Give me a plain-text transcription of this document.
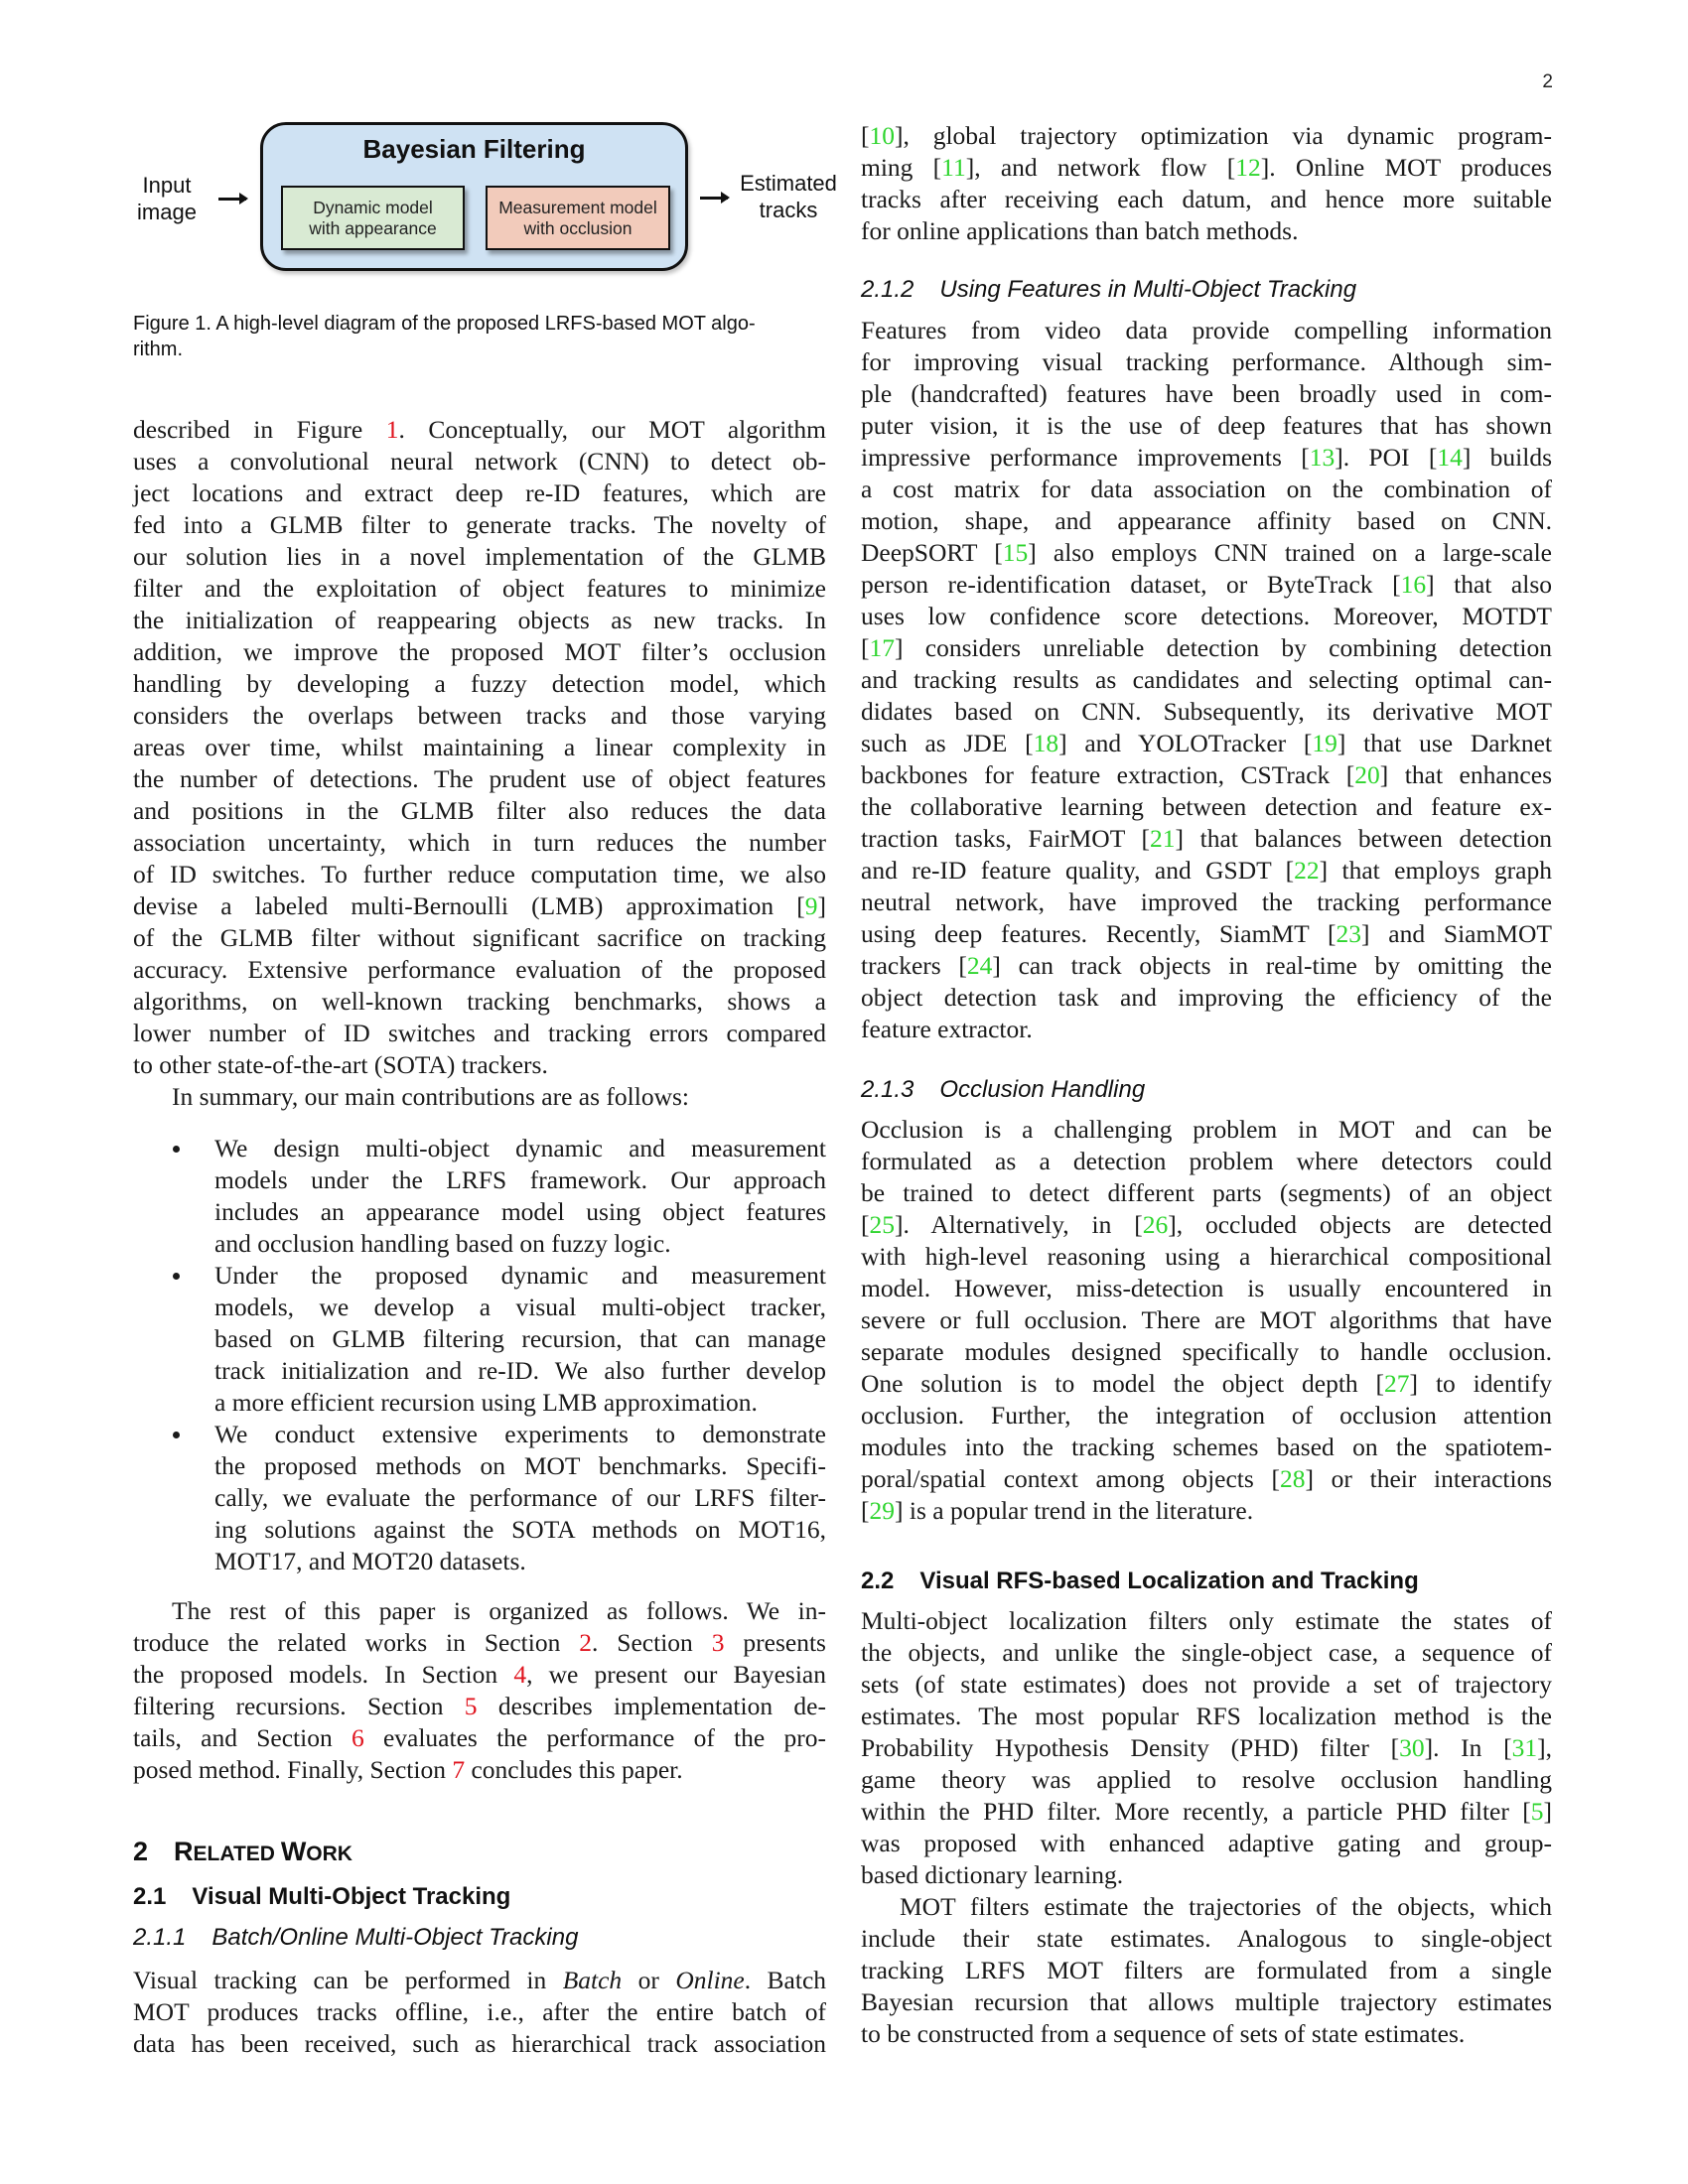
2
Input
image
Bayesian Filtering
Dynamic model
with appearance
Measurement model
with occlusion
Estimated
tracks
Figure 1. A high-level diagram of the proposed LRFS-based MOT algo-
rithm.
described in Figure 1. Conceptually, our MOT algorithm
uses a convolutional neural network (CNN) to detect ob-
ject locations and extract deep re-ID features, which are
fed into a GLMB filter to generate tracks. The novelty of
our solution lies in a novel implementation of the GLMB
filter and the exploitation of object features to minimize
the initialization of reappearing objects as new tracks. In
addition, we improve the proposed MOT filter’s occlusion
handling by developing a fuzzy detection model, which
considers the overlaps between tracks and those varying
areas over time, whilst maintaining a linear complexity in
the number of detections. The prudent use of object features
and positions in the GLMB filter also reduces the data
association uncertainty, which in turn reduces the number
of ID switches. To further reduce computation time, we also
devise a labeled multi-Bernoulli (LMB) approximation [9]
of the GLMB filter without significant sacrifice on tracking
accuracy. Extensive performance evaluation of the proposed
algorithms, on well-known tracking benchmarks, shows a
lower number of ID switches and tracking errors compared
to other state-of-the-art (SOTA) trackers.
In summary, our main contributions are as follows:
We design multi-object dynamic and measurement
models under the LRFS framework. Our approach
includes an appearance model using object features
and occlusion handling based on fuzzy logic.
Under the proposed dynamic and measurement
models, we develop a visual multi-object tracker,
based on GLMB filtering recursion, that can manage
track initialization and re-ID. We also further develop
a more efficient recursion using LMB approximation.
We conduct extensive experiments to demonstrate
the proposed methods on MOT benchmarks. Specifi-
cally, we evaluate the performance of our LRFS filter-
ing solutions against the SOTA methods on MOT16,
MOT17, and MOT20 datasets.
The rest of this paper is organized as follows. We in-
troduce the related works in Section 2. Section 3 presents
the proposed models. In Section 4, we present our Bayesian
filtering recursions. Section 5 describes implementation de-
tails, and Section 6 evaluates the performance of the pro-
posed method. Finally, Section 7 concludes this paper.
2 RELATED WORK
2.1 Visual Multi-Object Tracking
2.1.1 Batch/Online Multi-Object Tracking
Visual tracking can be performed in Batch or Online. Batch
MOT produces tracks offline, i.e., after the entire batch of
data has been received, such as hierarchical track association
[10], global trajectory optimization via dynamic program-
ming [11], and network flow [12]. Online MOT produces
tracks after receiving each datum, and hence more suitable
for online applications than batch methods.
2.1.2 Using Features in Multi-Object Tracking
Features from video data provide compelling information
for improving visual tracking performance. Although sim-
ple (handcrafted) features have been broadly used in com-
puter vision, it is the use of deep features that has shown
impressive performance improvements [13]. POI [14] builds
a cost matrix for data association on the combination of
motion, shape, and appearance affinity based on CNN.
DeepSORT [15] also employs CNN trained on a large-scale
person re-identification dataset, or ByteTrack [16] that also
uses low confidence score detections. Moreover, MOTDT
[17] considers unreliable detection by combining detection
and tracking results as candidates and selecting optimal can-
didates based on CNN. Subsequently, its derivative MOT
such as JDE [18] and YOLOTracker [19] that use Darknet
backbones for feature extraction, CSTrack [20] that enhances
the collaborative learning between detection and feature ex-
traction tasks, FairMOT [21] that balances between detection
and re-ID feature quality, and GSDT [22] that employs graph
neutral network, have improved the tracking performance
using deep features. Recently, SiamMT [23] and SiamMOT
trackers [24] can track objects in real-time by omitting the
object detection task and improving the efficiency of the
feature extractor.
2.1.3 Occlusion Handling
Occlusion is a challenging problem in MOT and can be
formulated as a detection problem where detectors could
be trained to detect different parts (segments) of an object
[25]. Alternatively, in [26], occluded objects are detected
with high-level reasoning using a hierarchical compositional
model. However, miss-detection is usually encountered in
severe or full occlusion. There are MOT algorithms that have
separate modules designed specifically to handle occlusion.
One solution is to model the object depth [27] to identify
occlusion. Further, the integration of occlusion attention
modules into the tracking schemes based on the spatiotem-
poral/spatial context among objects [28] or their interactions
[29] is a popular trend in the literature.
2.2 Visual RFS-based Localization and Tracking
Multi-object localization filters only estimate the states of
the objects, and unlike the single-object case, a sequence of
sets (of state estimates) does not provide a set of trajectory
estimates. The most popular RFS localization method is the
Probability Hypothesis Density (PHD) filter [30]. In [31],
game theory was applied to resolve occlusion handling
within the PHD filter. More recently, a particle PHD filter [5]
was proposed with enhanced adaptive gating and group-
based dictionary learning.
MOT filters estimate the trajectories of the objects, which
include their state estimates. Analogous to single-object
tracking LRFS MOT filters are formulated from a single
Bayesian recursion that allows multiple trajectory estimates
to be constructed from a sequence of sets of state estimates.
